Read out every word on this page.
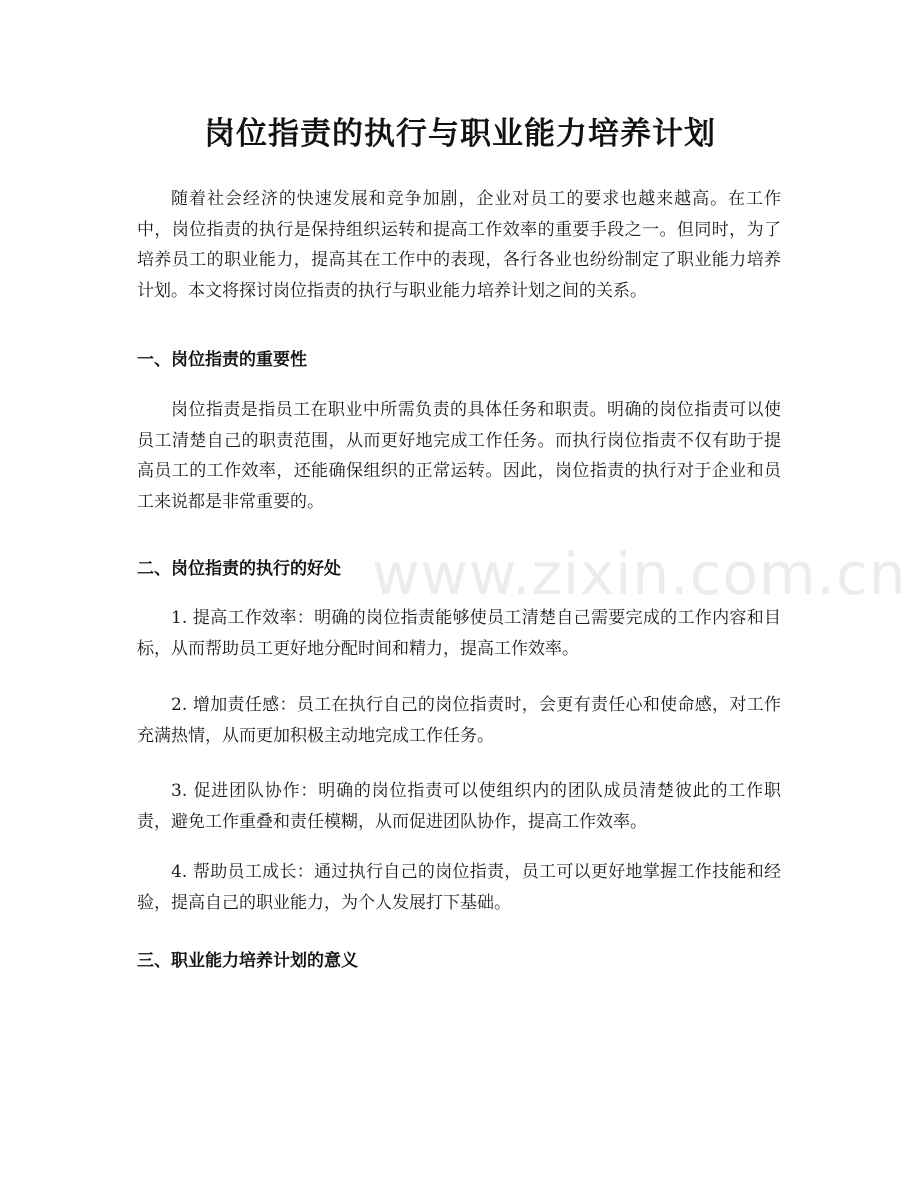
www.zixin.com.cn
岗位指责的执行与职业能力培养计划

随着社会经济的快速发展和竞争加剧，企业对员工的要求也越来越高。在工作中，岗位指责的执行是保持组织运转和提高工作效率的重要手段之一。但同时，为了培养员工的职业能力，提高其在工作中的表现，各行各业也纷纷制定了职业能力培养计划。本文将探讨岗位指责的执行与职业能力培养计划之间的关系。

一、岗位指责的重要性

岗位指责是指员工在职业中所需负责的具体任务和职责。明确的岗位指责可以使员工清楚自己的职责范围，从而更好地完成工作任务。而执行岗位指责不仅有助于提高员工的工作效率，还能确保组织的正常运转。因此，岗位指责的执行对于企业和员工来说都是非常重要的。

二、岗位指责的执行的好处

1. 提高工作效率：明确的岗位指责能够使员工清楚自己需要完成的工作内容和目标，从而帮助员工更好地分配时间和精力，提高工作效率。

2. 增加责任感：员工在执行自己的岗位指责时，会更有责任心和使命感，对工作充满热情，从而更加积极主动地完成工作任务。

3. 促进团队协作：明确的岗位指责可以使组织内的团队成员清楚彼此的工作职责，避免工作重叠和责任模糊，从而促进团队协作，提高工作效率。

4. 帮助员工成长：通过执行自己的岗位指责，员工可以更好地掌握工作技能和经验，提高自己的职业能力，为个人发展打下基础。

三、职业能力培养计划的意义
